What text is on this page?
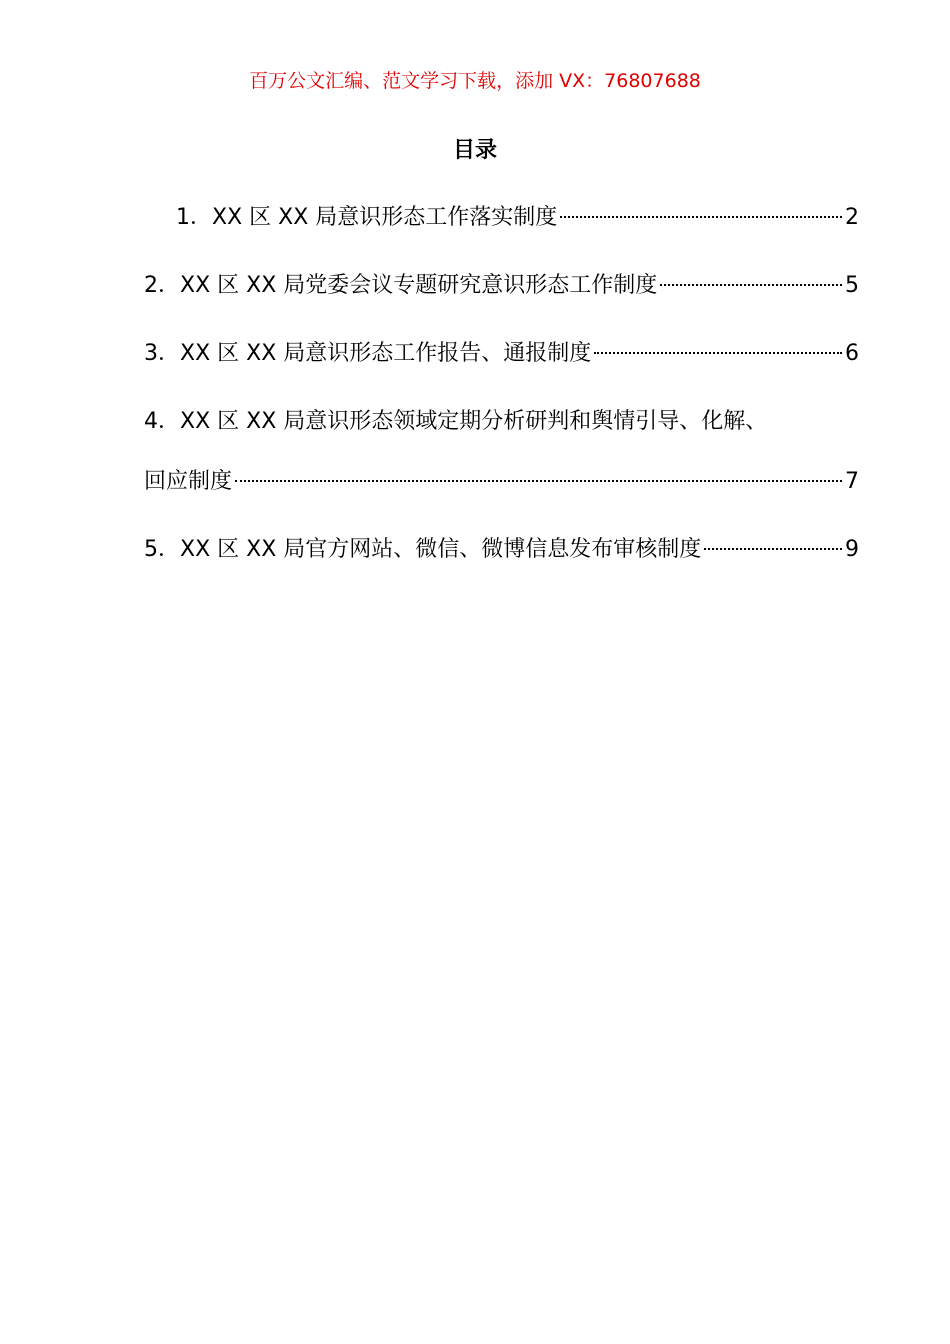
百万公文汇编、范文学习下载，添加 VX：76807688
目录
1．XX 区 XX 局意识形态工作落实制度	2
2．XX 区 XX 局党委会议专题研究意识形态工作制度	5
3．XX 区 XX 局意识形态工作报告、通报制度	6
4．XX 区 XX 局意识形态领域定期分析研判和舆情引导、化解、
回应制度	7
5．XX 区 XX 局官方网站、微信、微博信息发布审核制度	9
